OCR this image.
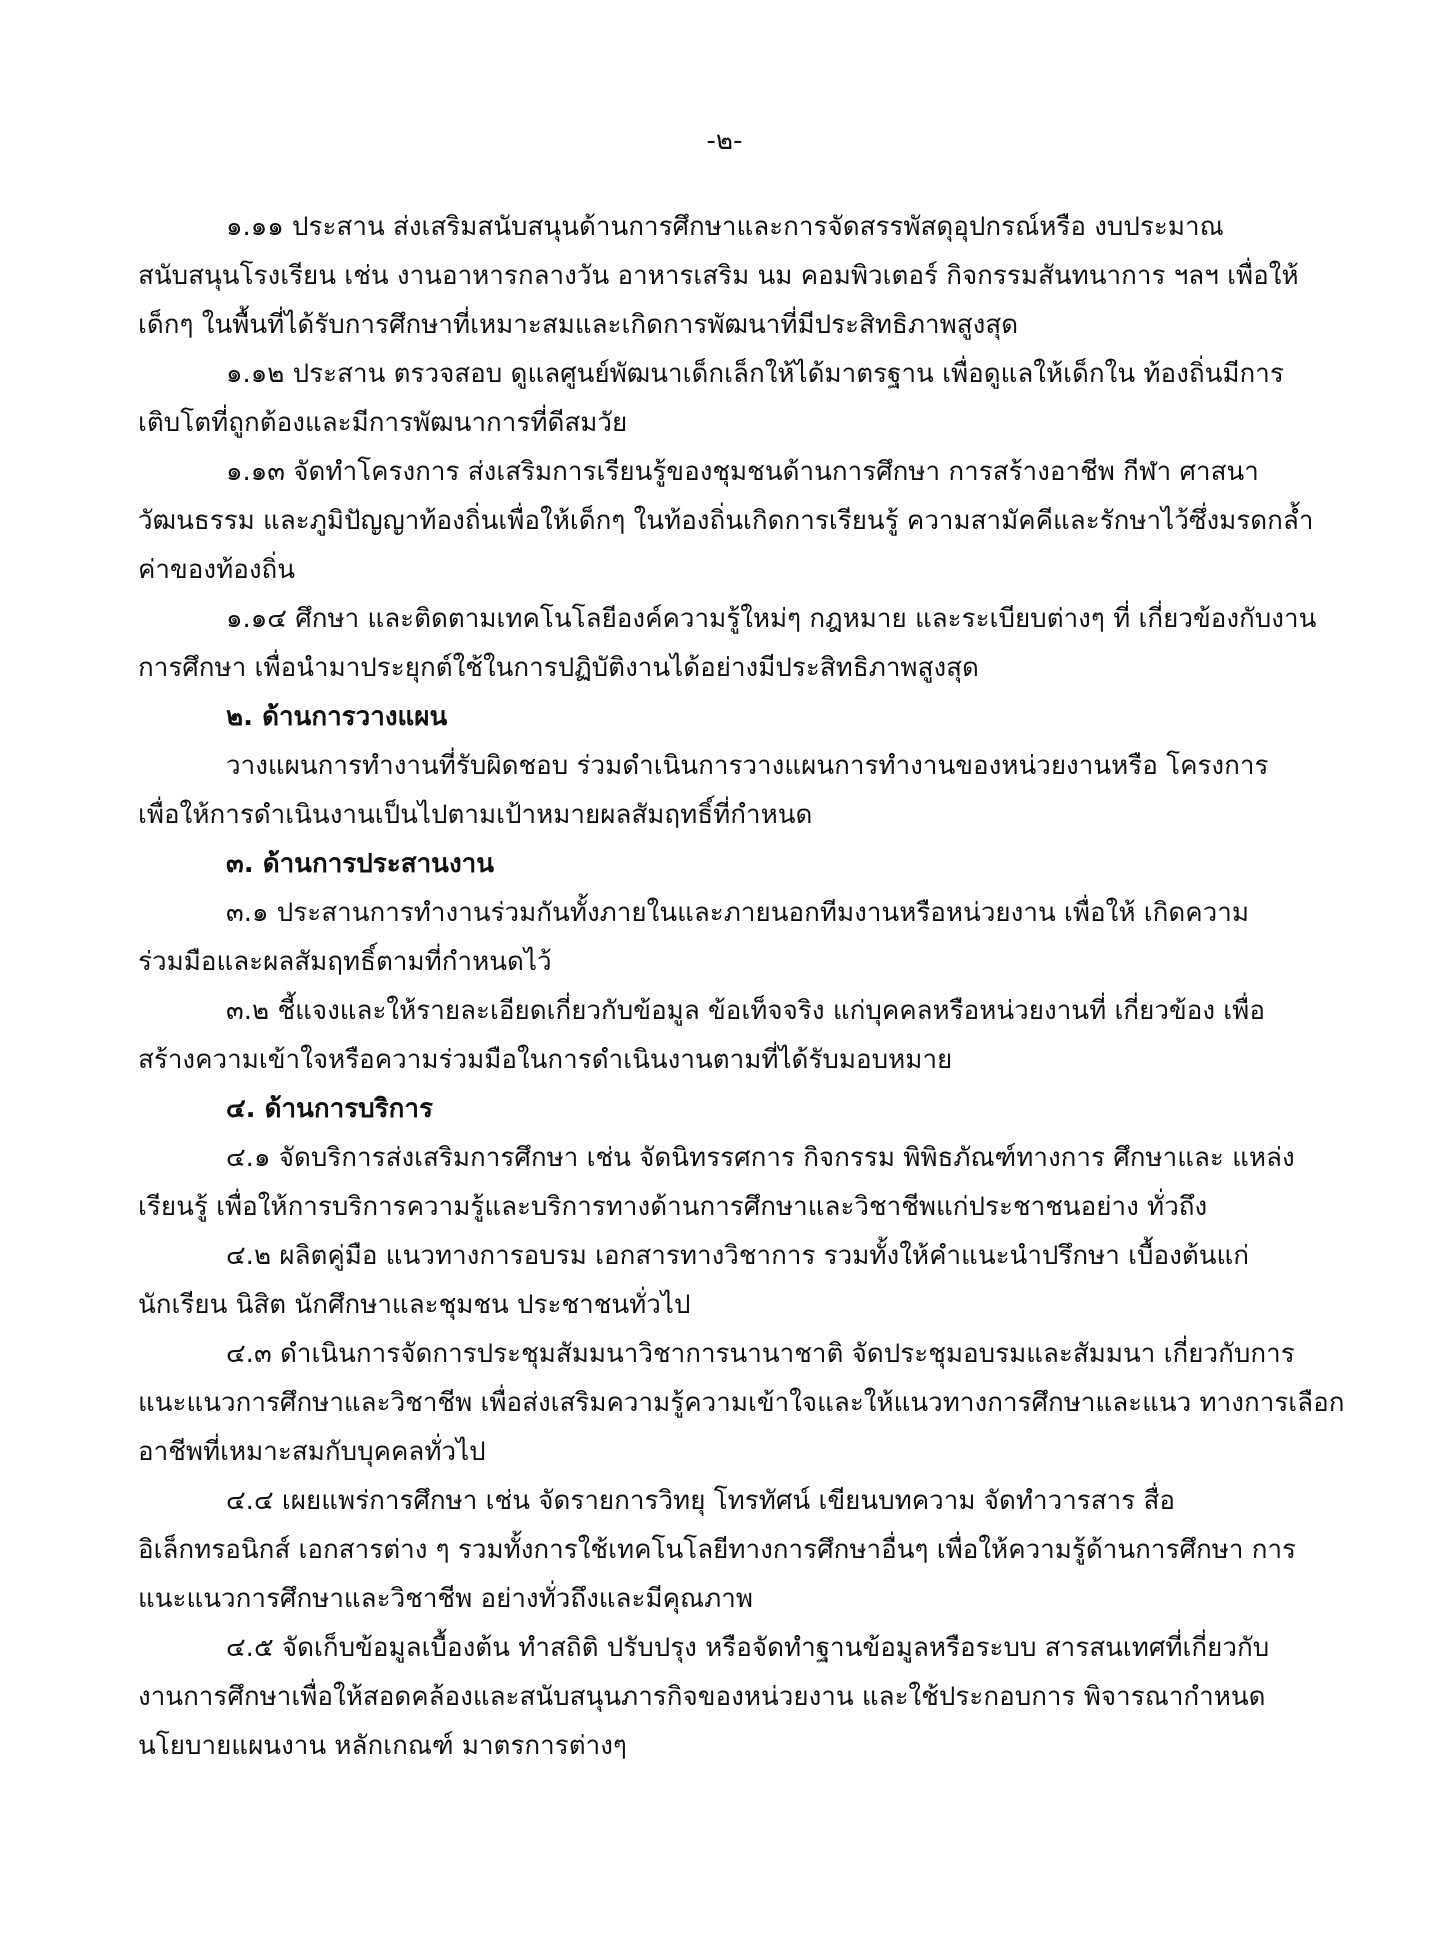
-๒-
๑.๑๑ ประสาน ส่งเสริมสนับสนุนด้านการศึกษาและการจัดสรรพัสดุอุปกรณ์หรือ งบประมาณ
สนับสนุนโรงเรียน เช่น งานอาหารกลางวัน อาหารเสริม นม คอมพิวเตอร์ กิจกรรมสันทนาการ ฯลฯ เพื่อให้
เด็กๆ ในพื้นที่ได้รับการศึกษาที่เหมาะสมและเกิดการพัฒนาที่มีประสิทธิภาพสูงสุด
๑.๑๒ ประสาน ตรวจสอบ ดูแลศูนย์พัฒนาเด็กเล็กให้ได้มาตรฐาน เพื่อดูแลให้เด็กใน ท้องถิ่นมีการ
เติบโตที่ถูกต้องและมีการพัฒนาการที่ดีสมวัย
๑.๑๓ จัดทำโครงการ ส่งเสริมการเรียนรู้ของชุมชนด้านการศึกษา การสร้างอาชีพ กีฬา ศาสนา
วัฒนธรรม และภูมิปัญญาท้องถิ่นเพื่อให้เด็กๆ ในท้องถิ่นเกิดการเรียนรู้ ความสามัคคีและรักษาไว้ซึ่งมรดกล้ำ
ค่าของท้องถิ่น
๑.๑๔ ศึกษา และติดตามเทคโนโลยีองค์ความรู้ใหม่ๆ กฎหมาย และระเบียบต่างๆ ที่ เกี่ยวข้องกับงาน
การศึกษา เพื่อนำมาประยุกต์ใช้ในการปฏิบัติงานได้อย่างมีประสิทธิภาพสูงสุด
๒. ด้านการวางแผน
วางแผนการทำงานที่รับผิดชอบ ร่วมดำเนินการวางแผนการทำงานของหน่วยงานหรือ โครงการ
เพื่อให้การดำเนินงานเป็นไปตามเป้าหมายผลสัมฤทธิ์ที่กำหนด
๓. ด้านการประสานงาน
๓.๑ ประสานการทำงานร่วมกันทั้งภายในและภายนอกทีมงานหรือหน่วยงาน เพื่อให้ เกิดความ
ร่วมมือและผลสัมฤทธิ์ตามที่กำหนดไว้
๓.๒ ชี้แจงและให้รายละเอียดเกี่ยวกับข้อมูล ข้อเท็จจริง แก่บุคคลหรือหน่วยงานที่ เกี่ยวข้อง เพื่อ
สร้างความเข้าใจหรือความร่วมมือในการดำเนินงานตามที่ได้รับมอบหมาย
๔. ด้านการบริการ
๔.๑ จัดบริการส่งเสริมการศึกษา เช่น จัดนิทรรศการ กิจกรรม พิพิธภัณฑ์ทางการ ศึกษาและ แหล่ง
เรียนรู้ เพื่อให้การบริการความรู้และบริการทางด้านการศึกษาและวิชาชีพแก่ประชาชนอย่าง ทั่วถึง
๔.๒ ผลิตคู่มือ แนวทางการอบรม เอกสารทางวิชาการ รวมทั้งให้คำแนะนำปรึกษา เบื้องต้นแก่
นักเรียน นิสิต นักศึกษาและชุมชน ประชาชนทั่วไป
๔.๓ ดำเนินการจัดการประชุมสัมมนาวิชาการนานาชาติ จัดประชุมอบรมและสัมมนา เกี่ยวกับการ
แนะแนวการศึกษาและวิชาชีพ เพื่อส่งเสริมความรู้ความเข้าใจและให้แนวทางการศึกษาและแนว ทางการเลือก
อาชีพที่เหมาะสมกับบุคคลทั่วไป
๔.๔ เผยแพร่การศึกษา เช่น จัดรายการวิทยุ โทรทัศน์ เขียนบทความ จัดทำวารสาร สื่อ
อิเล็กทรอนิกส์ เอกสารต่าง ๆ รวมทั้งการใช้เทคโนโลยีทางการศึกษาอื่นๆ เพื่อให้ความรู้ด้านการศึกษา การ
แนะแนวการศึกษาและวิชาชีพ อย่างทั่วถึงและมีคุณภาพ
๔.๕ จัดเก็บข้อมูลเบื้องต้น ทำสถิติ ปรับปรุง หรือจัดทำฐานข้อมูลหรือระบบ สารสนเทศที่เกี่ยวกับ
งานการศึกษาเพื่อให้สอดคล้องและสนับสนุนภารกิจของหน่วยงาน และใช้ประกอบการ พิจารณากำหนด
นโยบายแผนงาน หลักเกณฑ์ มาตรการต่างๆ
